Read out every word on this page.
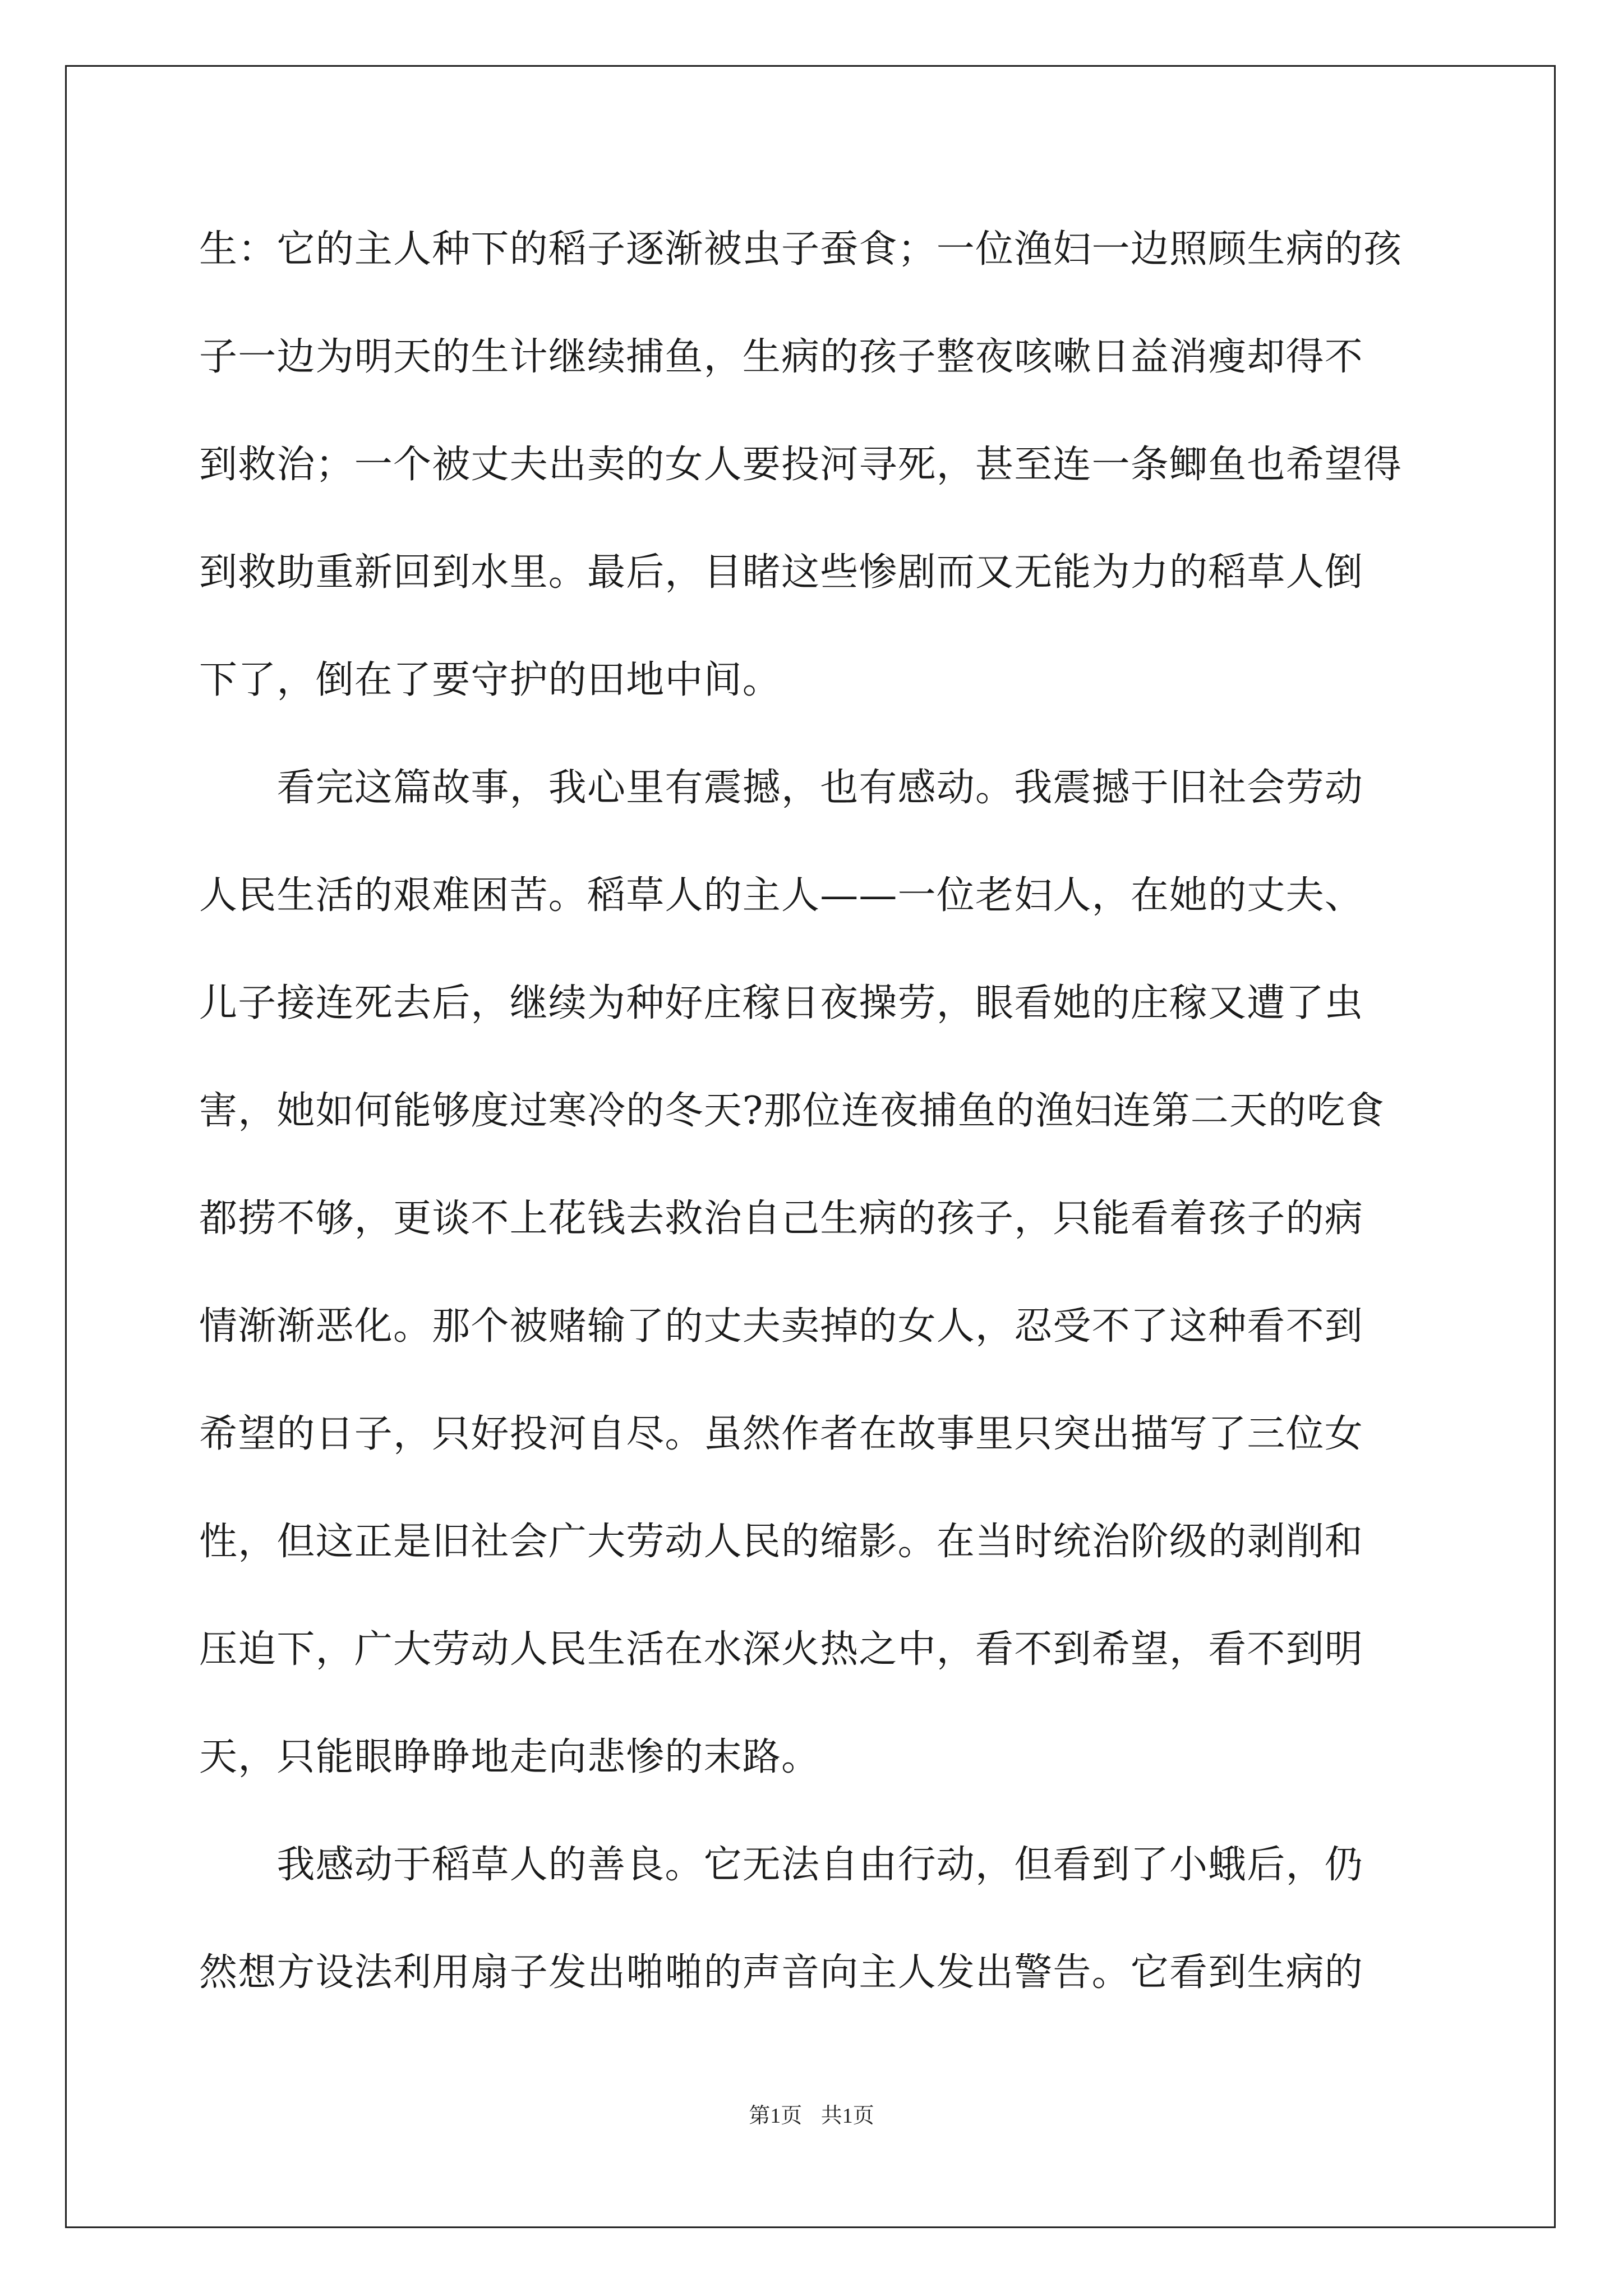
生：它的主人种下的稻子逐渐被虫子蚕食；一位渔妇一边照顾生病的孩
子一边为明天的生计继续捕鱼，生病的孩子整夜咳嗽日益消瘦却得不
到救治；一个被丈夫出卖的女人要投河寻死，甚至连一条鲫鱼也希望得
到救助重新回到水里。最后，目睹这些惨剧而又无能为力的稻草人倒
下了，倒在了要守护的田地中间。
　　看完这篇故事，我心里有震撼，也有感动。我震撼于旧社会劳动
人民生活的艰难困苦。稻草人的主人——一位老妇人，在她的丈夫、
儿子接连死去后，继续为种好庄稼日夜操劳，眼看她的庄稼又遭了虫
害，她如何能够度过寒冷的冬天?那位连夜捕鱼的渔妇连第二天的吃食
都捞不够，更谈不上花钱去救治自己生病的孩子，只能看着孩子的病
情渐渐恶化。那个被赌输了的丈夫卖掉的女人，忍受不了这种看不到
希望的日子，只好投河自尽。虽然作者在故事里只突出描写了三位女
性，但这正是旧社会广大劳动人民的缩影。在当时统治阶级的剥削和
压迫下，广大劳动人民生活在水深火热之中，看不到希望，看不到明
天，只能眼睁睁地走向悲惨的末路。
　　我感动于稻草人的善良。它无法自由行动，但看到了小蛾后，仍
然想方设法利用扇子发出啪啪的声音向主人发出警告。它看到生病的
第1页 共1页
